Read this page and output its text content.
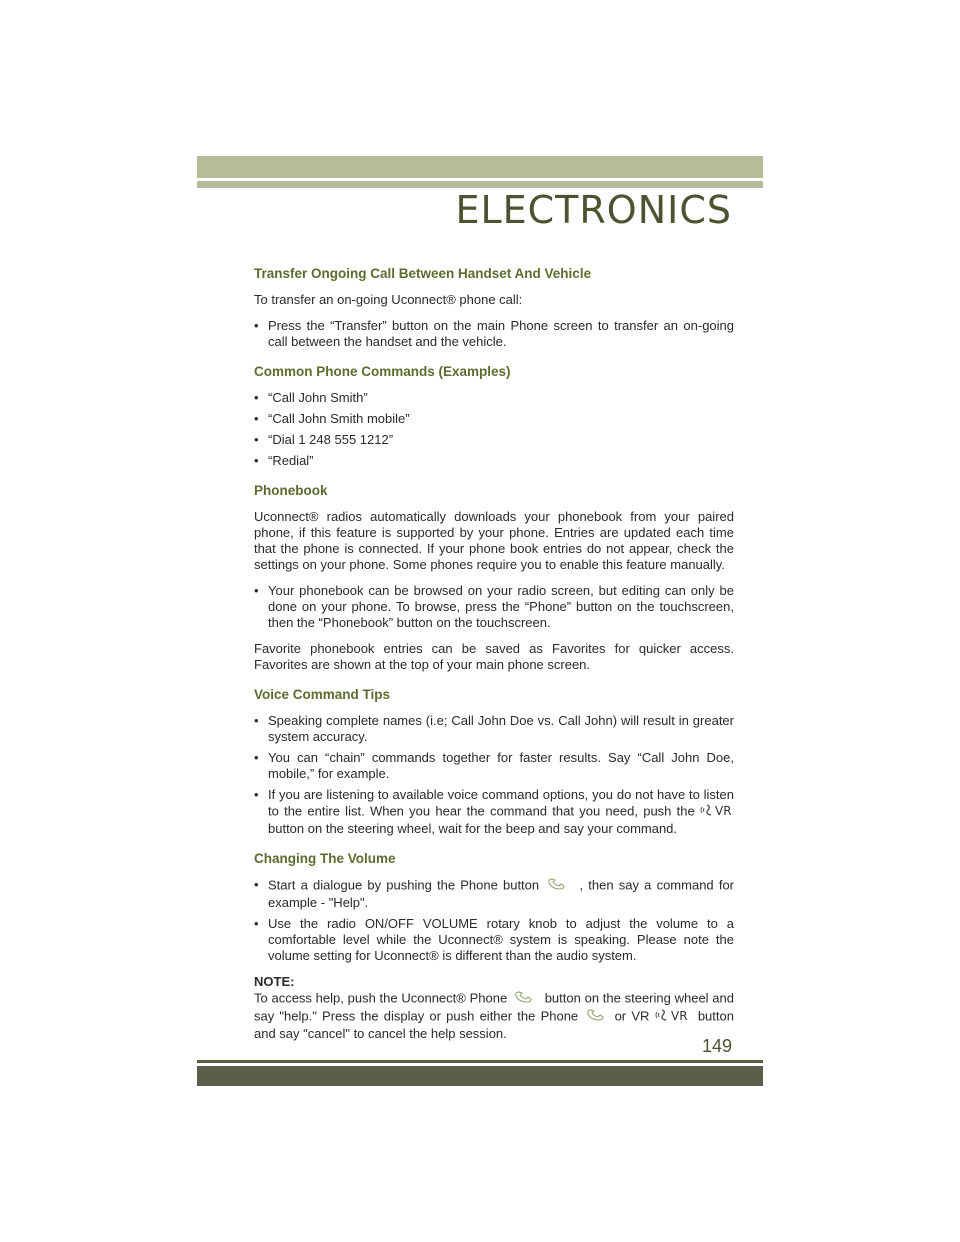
ELECTRONICS
Transfer Ongoing Call Between Handset And Vehicle

To transfer an on-going Uconnect® phone call:

• Press the “Transfer” button on the main Phone screen to transfer an on-going call between the handset and the vehicle.
Common Phone Commands (Examples)
• “Call John Smith”
• “Call John Smith mobile”
• “Dial 1 248 555 1212”
• “Redial”
Phonebook

Uconnect® radios automatically downloads your phonebook from your paired phone, if this feature is supported by your phone. Entries are updated each time that the phone is connected. If your phone book entries do not appear, check the settings on your phone. Some phones require you to enable this feature manually.

• Your phonebook can be browsed on your radio screen, but editing can only be done on your phone. To browse, press the “Phone” button on the touchscreen, then the “Phonebook” button on the touchscreen.

Favorite phonebook entries can be saved as Favorites for quicker access. Favorites are shown at the top of your main phone screen.

Voice Command Tips
• Speaking complete names (i.e; Call John Doe vs. Call John) will result in greater system accuracy.
• You can “chain” commands together for faster results. Say “Call John Doe, mobile,” for example.
• If you are listening to available voice command options, you do not have to listen to the entire list. When you hear the command that you need, push the VR
button on the steering wheel, wait for the beep and say your command.
Changing The Volume
• Start a dialogue by pushing the Phone button	, then say a command for example - "Help".
• Use the radio ON/OFF VOLUME rotary knob to adjust the volume to a comfortable level while the Uconnect® system is speaking. Please note the volume setting for Uconnect® is different than the audio system.

NOTE:

To access help, push the Uconnect® Phone	button on the steering wheel and say "help." Press the display or push either the Phone	or VR VR button and say "cancel" to cancel the help session.

149
